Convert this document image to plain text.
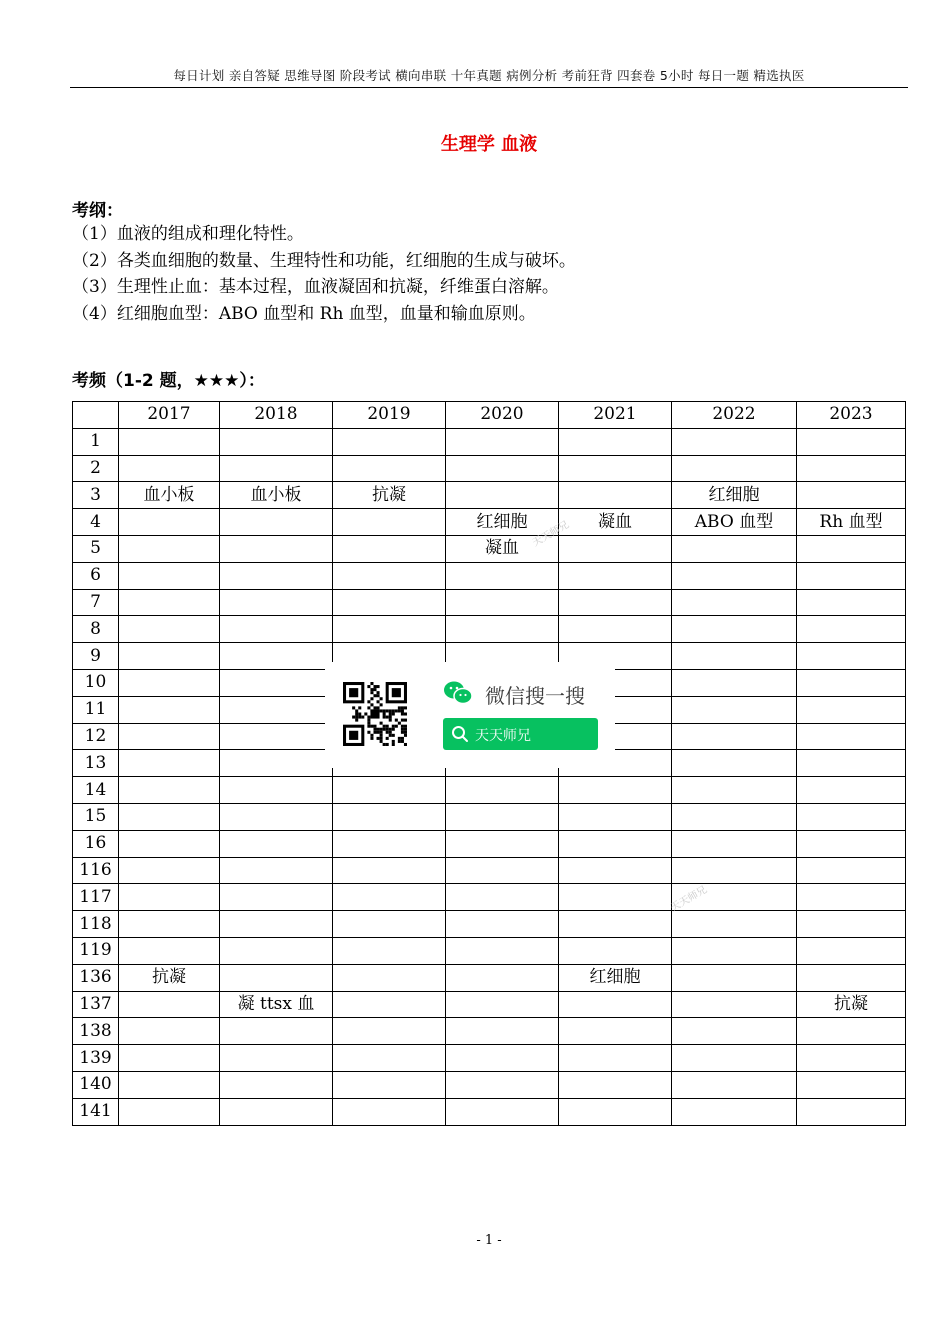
每日计划 亲自答疑 思维导图 阶段考试 横向串联 十年真题 病例分析 考前狂背 四套卷 5小时 每日一题 精选执医
生理学 血液
考纲：
（1）血液的组成和理化特性。
（2）各类血细胞的数量、生理特性和功能，红细胞的生成与破坏。
（3）生理性止血：基本过程，血液凝固和抗凝，纤维蛋白溶解。
（4）红细胞血型：ABO 血型和 Rh 血型，血量和输血原则。
考频（1-2 题，★★★）：
	2017	2018	2019	2020	2021	2022	2023
1							
2							
3	血小板	血小板	抗凝			红细胞	
4				红细胞	凝血	ABO 血型	Rh 血型
5				凝血			
6							
7							
8							
9							
10							
11							
12							
13							
14							
15							
16							
116							
117							
118							
119							
136	抗凝				红细胞		
137		凝 ttsx 血					抗凝
138							
139							
140							
141							
微信搜一搜
天天师兄
天天师兄
天天师兄
- 1 -
